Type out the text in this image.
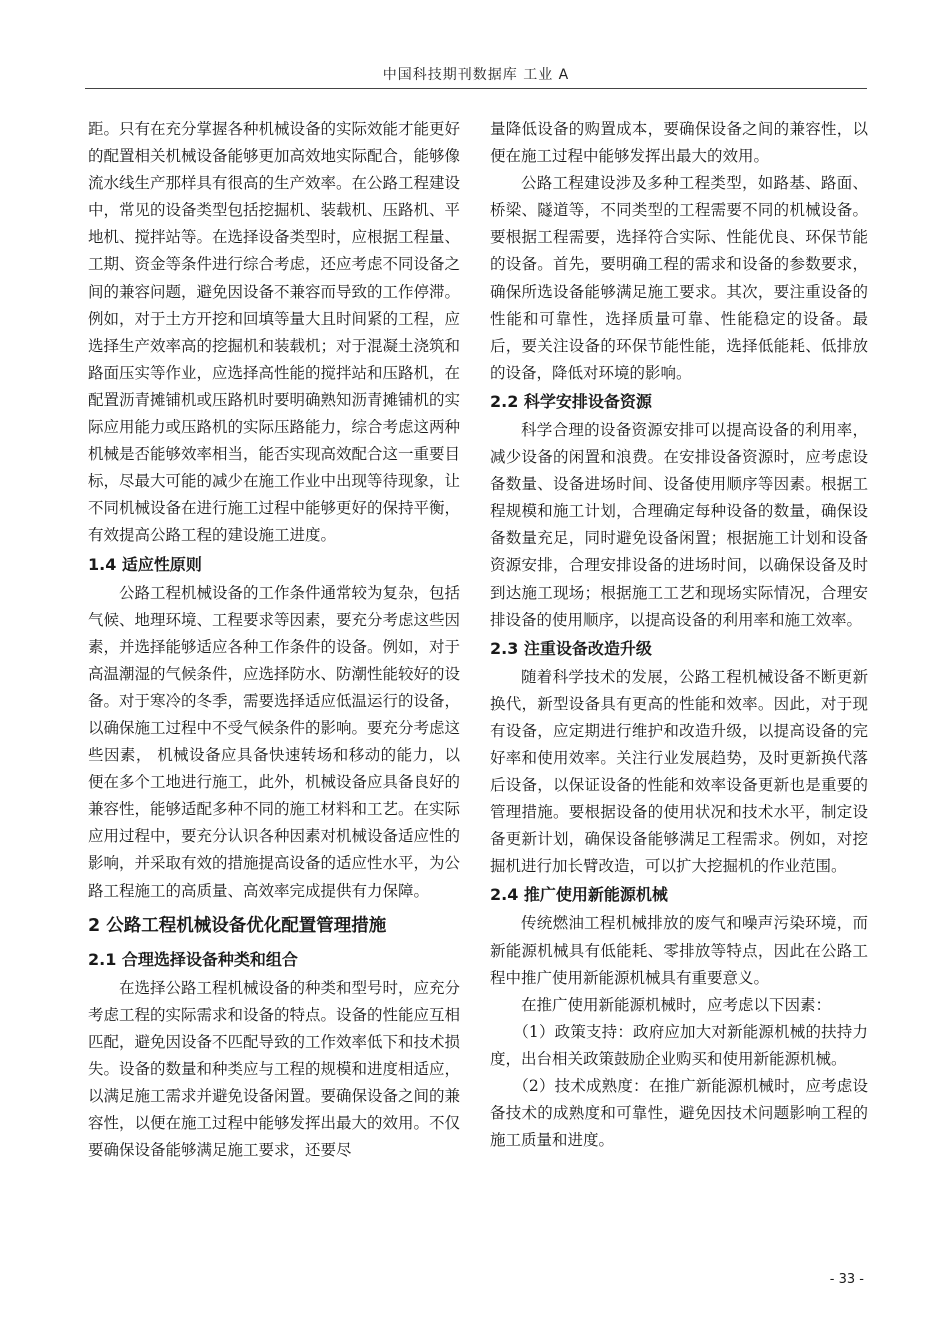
中国科技期刊数据库 工业 A

距。只有在充分掌握各种机械设备的实际效能才能更好的配置相关机械设备能够更加高效地实际配合，能够像流水线生产那样具有很高的生产效率。在公路工程建设中，常见的设备类型包括挖掘机、装载机、压路机、平地机、搅拌站等。在选择设备类型时，应根据工程量、工期、资金等条件进行综合考虑，还应考虑不同设备之间的兼容问题，避免因设备不兼容而导致的工作停滞。例如，对于土方开挖和回填等量大且时间紧的工程，应选择生产效率高的挖掘机和装载机；对于混凝土浇筑和路面压实等作业，应选择高性能的搅拌站和压路机，在配置沥青摊铺机或压路机时要明确熟知沥青摊铺机的实际应用能力或压路机的实际压路能力，综合考虑这两种机械是否能够效率相当，能否实现高效配合这一重要目标，尽最大可能的减少在施工作业中出现等待现象，让不同机械设备在进行施工过程中能够更好的保持平衡，有效提高公路工程的建设施工进度。

1.4 适应性原则

公路工程机械设备的工作条件通常较为复杂，包括气候、地理环境、工程要求等因素，要充分考虑这些因素，并选择能够适应各种工作条件的设备。例如，对于高温潮湿的气候条件，应选择防水、防潮性能较好的设备。对于寒冷的冬季，需要选择适应低温运行的设备，以确保施工过程中不受气候条件的影响。要充分考虑这些因素， 机械设备应具备快速转场和移动的能力，以便在多个工地进行施工，此外，机械设备应具备良好的兼容性，能够适配多种不同的施工材料和工艺。在实际应用过程中，要充分认识各种因素对机械设备适应性的影响，并采取有效的措施提高设备的适应性水平，为公路工程施工的高质量、高效率完成提供有力保障。

2 公路工程机械设备优化配置管理措施
2.1 合理选择设备种类和组合

在选择公路工程机械设备的种类和型号时，应充分考虑工程的实际需求和设备的特点。设备的性能应互相匹配，避免因设备不匹配导致的工作效率低下和技术损失。设备的数量和种类应与工程的规模和进度相适应，以满足施工需求并避免设备闲置。要确保设备之间的兼容性，以便在施工过程中能够发挥出最大的效用。不仅要确保设备能够满足施工要求，还要尽

量降低设备的购置成本，要确保设备之间的兼容性，以便在施工过程中能够发挥出最大的效用。

公路工程建设涉及多种工程类型，如路基、路面、桥梁、隧道等，不同类型的工程需要不同的机械设备。要根据工程需要，选择符合实际、性能优良、环保节能的设备。首先，要明确工程的需求和设备的参数要求，确保所选设备能够满足施工要求。其次，要注重设备的性能和可靠性，选择质量可靠、性能稳定的设备。最后，要关注设备的环保节能性能，选择低能耗、低排放的设备，降低对环境的影响。

2.2 科学安排设备资源

科学合理的设备资源安排可以提高设备的利用率，减少设备的闲置和浪费。在安排设备资源时，应考虑设备数量、设备进场时间、设备使用顺序等因素。根据工程规模和施工计划，合理确定每种设备的数量，确保设备数量充足，同时避免设备闲置；根据施工计划和设备资源安排，合理安排设备的进场时间，以确保设备及时到达施工现场；根据施工工艺和现场实际情况，合理安排设备的使用顺序，以提高设备的利用率和施工效率。

2.3 注重设备改造升级

随着科学技术的发展，公路工程机械设备不断更新换代，新型设备具有更高的性能和效率。因此，对于现有设备，应定期进行维护和改造升级，以提高设备的完好率和使用效率。关注行业发展趋势，及时更新换代落后设备，以保证设备的性能和效率设备更新也是重要的管理措施。要根据设备的使用状况和技术水平，制定设备更新计划，确保设备能够满足工程需求。例如，对挖掘机进行加长臂改造，可以扩大挖掘机的作业范围。

2.4 推广使用新能源机械

传统燃油工程机械排放的废气和噪声污染环境，而新能源机械具有低能耗、零排放等特点，因此在公路工程中推广使用新能源机械具有重要意义。

在推广使用新能源机械时，应考虑以下因素：

（1）政策支持：政府应加大对新能源机械的扶持力度，出台相关政策鼓励企业购买和使用新能源机械。

（2）技术成熟度：在推广新能源机械时，应考虑设备技术的成熟度和可靠性，避免因技术问题影响工程的施工质量和进度。

- 33 -
